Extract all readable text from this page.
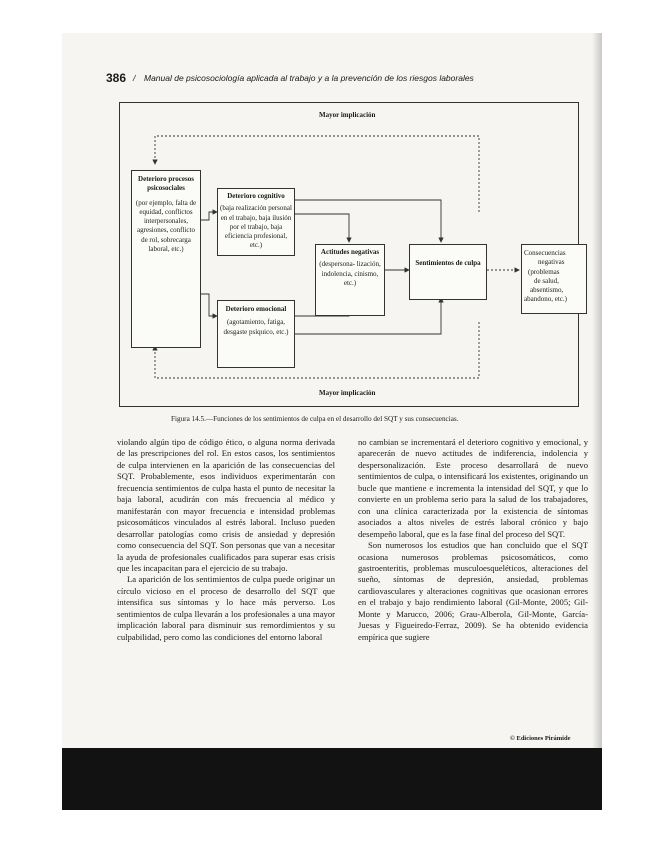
386 / Manual de psicosociología aplicada al trabajo y a la prevención de los riesgos laborales
Mayor implicación
Mayor implicación
Deterioro procesos psicosociales
(por ejemplo, falta de equidad, conflictos interpersonales, agresiones, conflicto de rol, sobrecarga laboral, etc.)
Deterioro cognitivo
(baja realización personal en el trabajo, baja ilusión por el trabajo, baja eficiencia profesional, etc.)
Deterioro emocional
(agotamiento, fatiga, desgaste psíquico, etc.)
Actitudes negativas
(despersona- lización, indolencia, cinismo, etc.)
Sentimientos de culpa
Consecuencias
negativas
(problemas
de salud,
absentismo,
abandono, etc.)
Figura 14.5.—Funciones de los sentimientos de culpa en el desarrollo del SQT y sus consecuencias.

violando algún tipo de código ético, o alguna norma derivada de las prescripciones del rol. En estos casos, los sentimientos de culpa intervienen en la aparición de las consecuencias del SQT. Probablemente, esos individuos experimentarán con frecuencia sentimientos de culpa hasta el punto de necesitar la baja laboral, acudirán con más frecuencia al médico y manifestarán con mayor frecuencia e intensidad problemas psicosomáticos vinculados al estrés laboral. Incluso pueden desarrollar patologías como crisis de ansiedad y depresión como consecuencia del SQT. Son personas que van a necesitar la ayuda de profesionales cualificados para superar esas crisis que les incapacitan para el ejercicio de su trabajo.

La aparición de los sentimientos de culpa puede originar un círculo vicioso en el proceso de desarrollo del SQT que intensifica sus síntomas y lo hace más perverso. Los sentimientos de culpa llevarán a los profesionales a una mayor implicación laboral para disminuir sus remordimientos y su culpabilidad, pero como las condiciones del entorno laboral

no cambian se incrementará el deterioro cognitivo y emocional, y aparecerán de nuevo actitudes de indiferencia, indolencia y despersonalización. Este proceso desarrollará de nuevo sentimientos de culpa, o intensificará los existentes, originando un bucle que mantiene e incrementa la intensidad del SQT, y que lo convierte en un problema serio para la salud de los trabajadores, con una clínica caracterizada por la existencia de síntomas asociados a altos niveles de estrés laboral crónico y bajo desempeño laboral, que es la fase final del proceso del SQT.

Son numerosos los estudios que han concluido que el SQT ocasiona numerosos problemas psicosomáticos, como gastroenteritis, problemas musculoesqueléticos, alteraciones del sueño, síntomas de depresión, ansiedad, problemas cardiovasculares y alteraciones cognitivas que ocasionan errores en el trabajo y bajo rendimiento laboral (Gil-Monte, 2005; Gil-Monte y Marucco, 2006; Grau-Alberola, Gil-Monte, García-Juesas y Figueiredo-Ferraz, 2009). Se ha obtenido evidencia empírica que sugiere

© Ediciones Pirámide
